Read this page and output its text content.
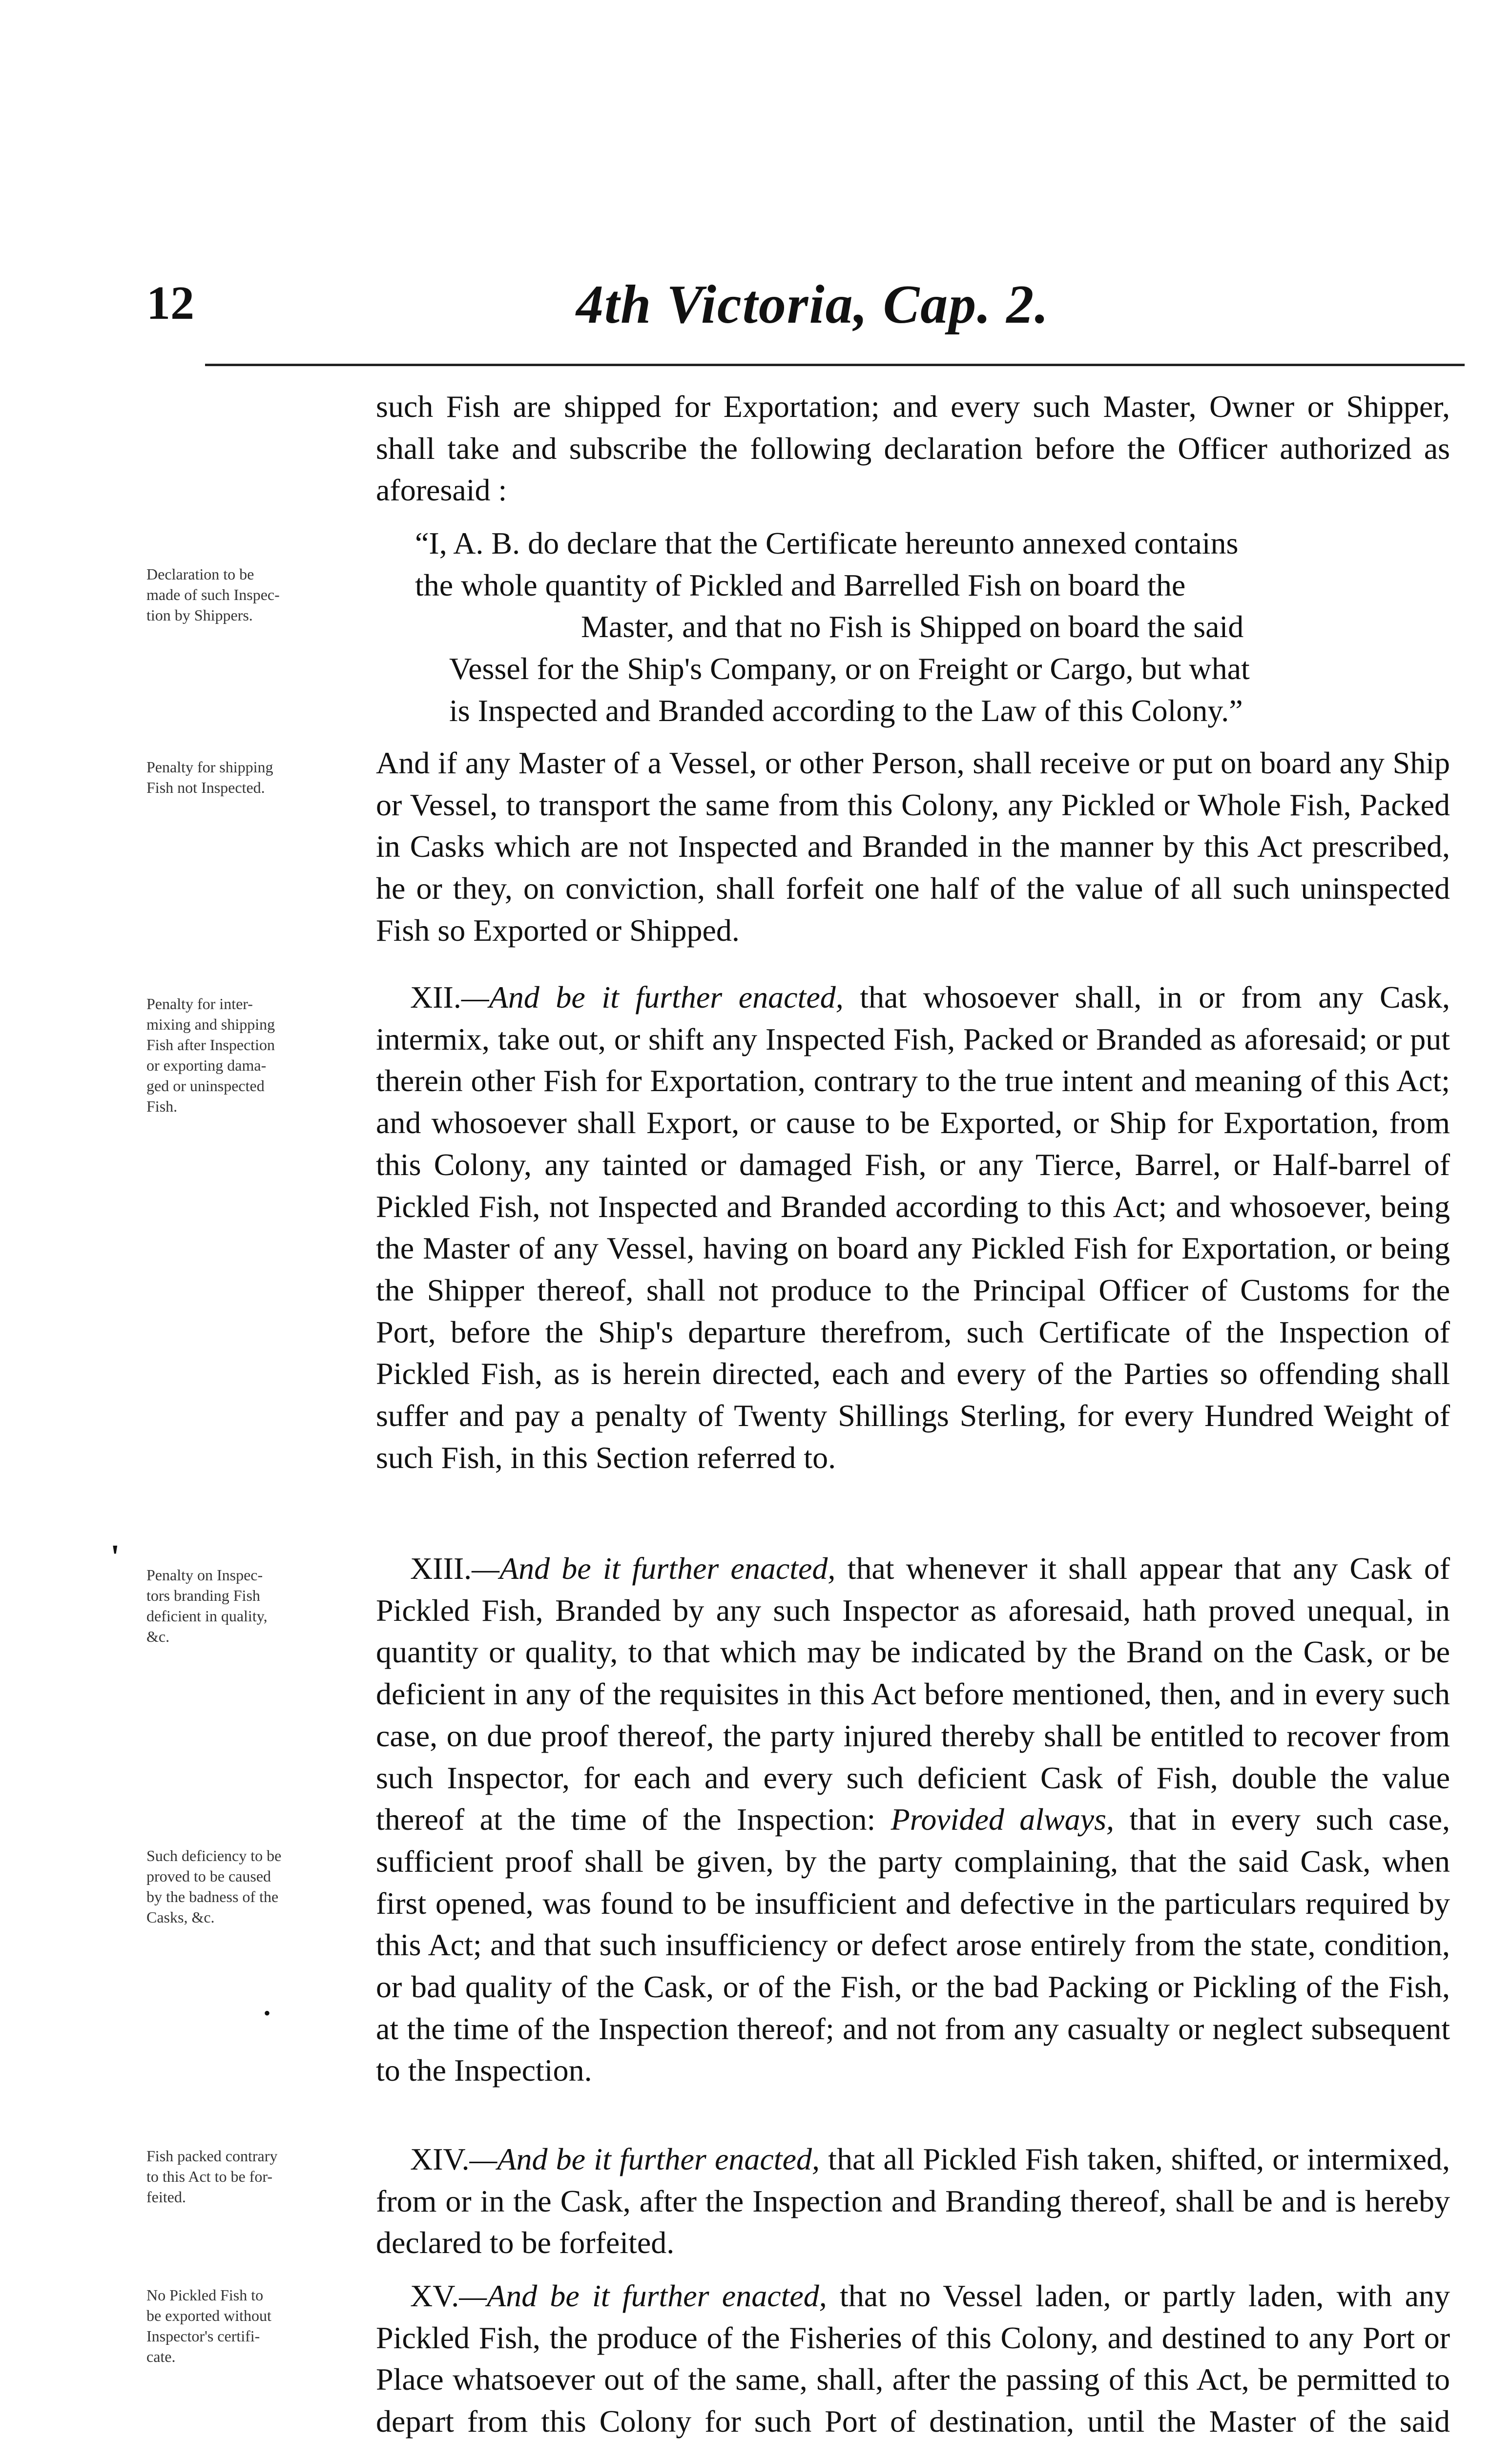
12	4th Victoria, Cap. 2.

such Fish are shipped for Exportation; and every such Master, Owner or Shipper, shall take and subscribe the following declaration before the Officer authorized as aforesaid :

“I, A. B. do declare that the Certificate hereunto annexed contains
the whole quantity of Pickled and Barrelled Fish on board the
Master, and that no Fish is Shipped on board the said
Vessel for the Ship's Company, or on Freight or Cargo, but what
is Inspected and Branded according to the Law of this Colony.”

And if any Master of a Vessel, or other Person, shall receive or put on board any Ship or Vessel, to transport the same from this Colony, any Pickled or Whole Fish, Packed in Casks which are not Inspected and Branded in the manner by this Act prescribed, he or they, on conviction, shall forfeit one half of the value of all such uninspected Fish so Exported or Shipped.

XII.—And be it further enacted, that whosoever shall, in or from any Cask, intermix, take out, or shift any Inspected Fish, Packed or Branded as aforesaid; or put therein other Fish for Exportation, contrary to the true intent and meaning of this Act; and whosoever shall Export, or cause to be Exported, or Ship for Exportation, from this Colony, any tainted or damaged Fish, or any Tierce, Barrel, or Half-barrel of Pickled Fish, not Inspected and Branded according to this Act; and whosoever, being the Master of any Vessel, having on board any Pickled Fish for Exportation, or being the Shipper thereof, shall not produce to the Principal Officer of Customs for the Port, before the Ship's departure therefrom, such Certificate of the Inspection of Pickled Fish, as is herein directed, each and every of the Parties so offending shall suffer and pay a penalty of Twenty Shillings Sterling, for every Hundred Weight of such Fish, in this Section referred to.

XIII.—And be it further enacted, that whenever it shall appear that any Cask of Pickled Fish, Branded by any such Inspector as aforesaid, hath proved unequal, in quantity or quality, to that which may be indicated by the Brand on the Cask, or be deficient in any of the requisites in this Act before mentioned, then, and in every such case, on due proof thereof, the party injured thereby shall be entitled to recover from such Inspector, for each and every such deficient Cask of Fish, double the value thereof at the time of the Inspection: Provided always, that in every such case, sufficient proof shall be given, by the party complaining, that the said Cask, when first opened, was found to be insufficient and defective in the particulars required by this Act; and that such insufficiency or defect arose entirely from the state, condition, or bad quality of the Cask, or of the Fish, or the bad Packing or Pickling of the Fish, at the time of the Inspection thereof; and not from any casualty or neglect subsequent to the Inspection.

XIV.—And be it further enacted, that all Pickled Fish taken, shifted, or intermixed, from or in the Cask, after the Inspection and Branding thereof, shall be and is hereby declared to be forfeited.

XV.—And be it further enacted, that no Vessel laden, or partly laden, with any Pickled Fish, the produce of the Fisheries of this Colony, and destined to any Port or Place whatsoever out of the same, shall, after the passing of this Act, be permitted to depart from this Colony for such Port of destination, until the Master of the said

Declaration to be
made of such Inspec-
tion by Shippers.
Penalty for shipping
Fish not Inspected.
Penalty for inter-
mixing and shipping
Fish after Inspection
or exporting dama-
ged or uninspected
Fish.
Penalty on Inspec-
tors branding Fish
deficient in quality,
&c.
Such deficiency to be
proved to be caused
by the badness of the
Casks, &c.
Fish packed contrary
to this Act to be for-
feited.
No Pickled Fish to
be exported without
Inspector's certifi-
cate.
'
•
